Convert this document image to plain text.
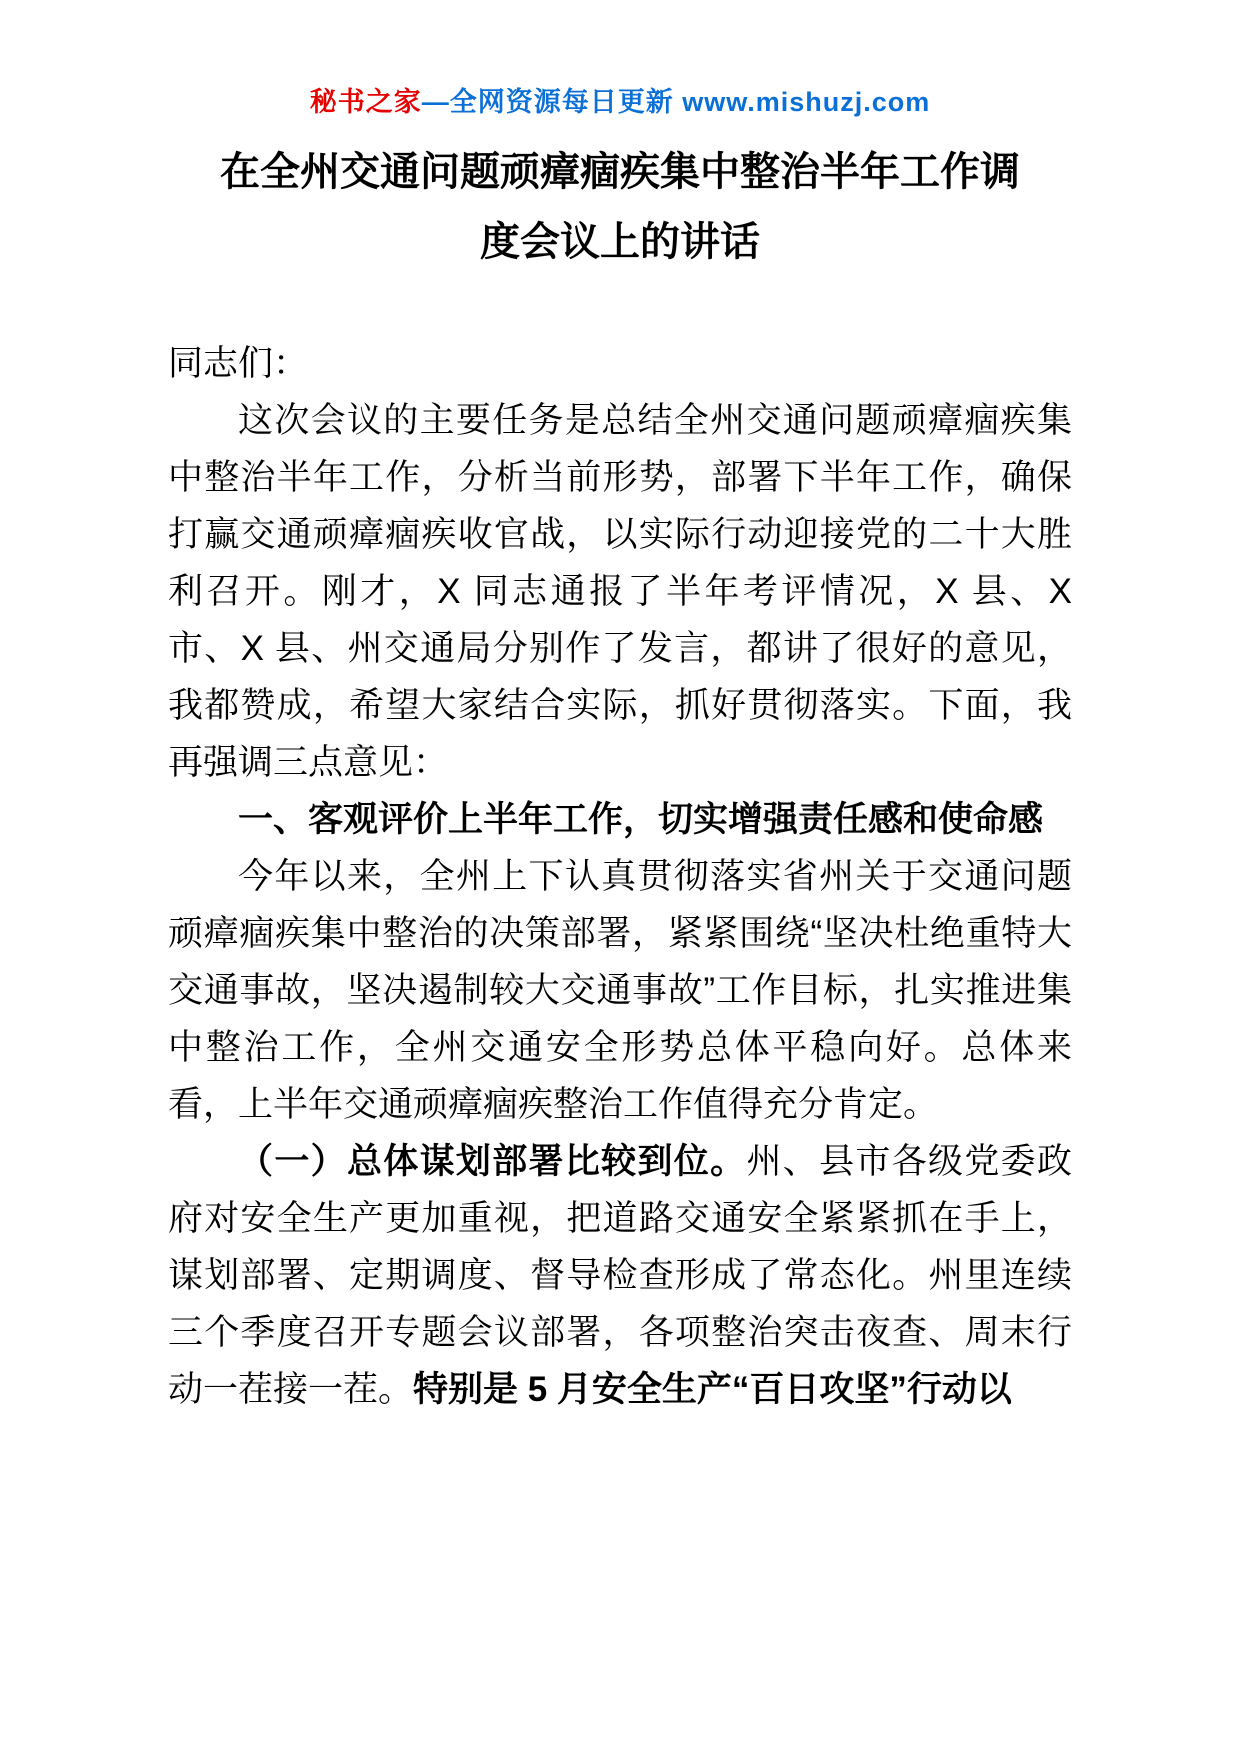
秘书之家—全网资源每日更新 www.mishuzj.com
在全州交通问题顽瘴痼疾集中整治半年工作调度会议上的讲话

同志们：

这次会议的主要任务是总结全州交通问题顽瘴痼疾集中整治半年工作，分析当前形势，部署下半年工作，确保打赢交通顽瘴痼疾收官战，以实际行动迎接党的二十大胜利召开。刚才，X 同志通报了半年考评情况，X 县、X 市、X 县、州交通局分别作了发言，都讲了很好的意见，我都赞成，希望大家结合实际，抓好贯彻落实。下面，我再强调三点意见：

一、客观评价上半年工作，切实增强责任感和使命感

今年以来，全州上下认真贯彻落实省州关于交通问题顽瘴痼疾集中整治的决策部署，紧紧围绕“坚决杜绝重特大交通事故，坚决遏制较大交通事故”工作目标，扎实推进集中整治工作，全州交通安全形势总体平稳向好。总体来看，上半年交通顽瘴痼疾整治工作值得充分肯定。

（一）总体谋划部署比较到位。州、县市各级党委政府对安全生产更加重视，把道路交通安全紧紧抓在手上，谋划部署、定期调度、督导检查形成了常态化。州里连续三个季度召开专题会议部署，各项整治突击夜查、周末行动一茬接一茬。特别是 5 月安全生产“百日攻坚”行动以
